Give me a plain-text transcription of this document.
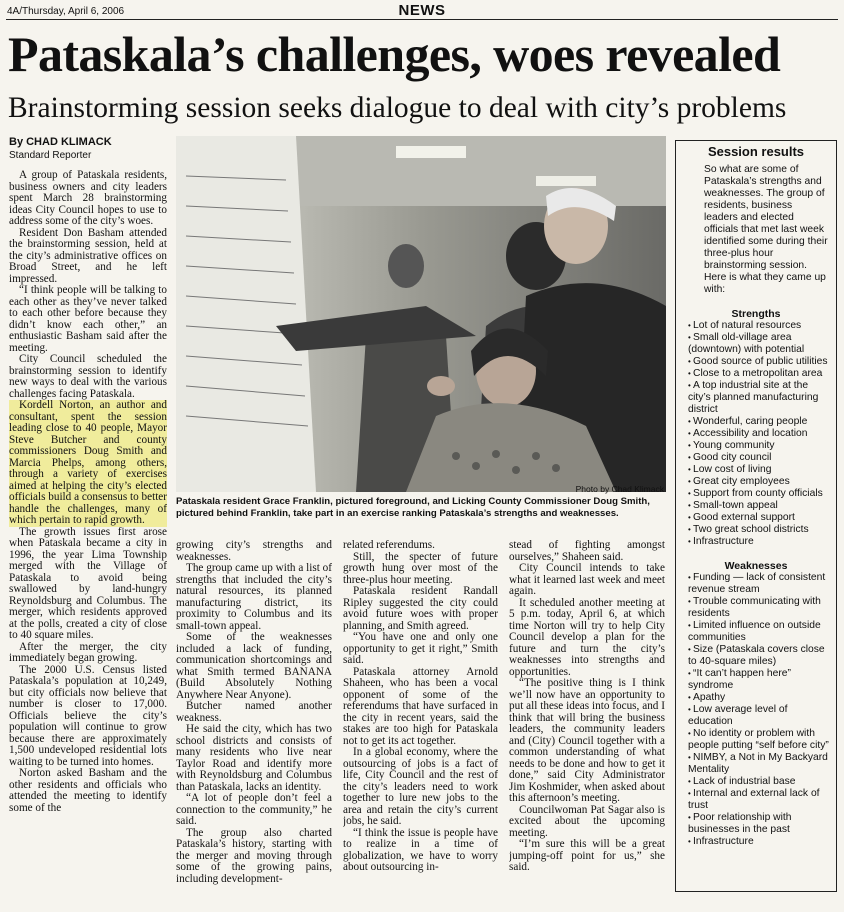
4A/Thursday, April 6, 2006	NEWS
Pataskala’s challenges, woes revealed
Brainstorming session seeks dialogue to deal with city’s problems
By CHAD KLIMACK
Standard Reporter

A group of Pataskala residents, business owners and city leaders spent March 28 brainstorming ideas City Council hopes to use to address some of the city’s woes.

Resident Don Basham attended the brainstorming session, held at the city’s administrative offices on Broad Street, and he left impressed.

“I think people will be talking to each other as they’ve never talked to each other before because they didn’t know each other,” an enthusiastic Basham said after the meeting.

City Council scheduled the brainstorming session to identify new ways to deal with the various challenges facing Pataskala.

Kordell Norton, an author and consultant, spent the session leading close to 40 people, Mayor Steve Butcher and county commissioners Doug Smith and Marcia Phelps, among others, through a variety of exercises aimed at helping the city’s elected officials build a consensus to better handle the challenges, many of which pertain to rapid growth.

The growth issues first arose when Pataskala became a city in 1996, the year Lima Township merged with the Village of Pataskala to avoid being swallowed by land-hungry Reynoldsburg and Columbus. The merger, which residents approved at the polls, created a city of close to 40 square miles.

After the merger, the city immediately began growing.

The 2000 U.S. Census listed Pataskala’s population at 10,249, but city officials now believe that number is closer to 17,000. Officials believe the city’s population will continue to grow because there are approximately 1,500 undeveloped residential lots waiting to be turned into homes.

Norton asked Basham and the other residents and officials who attended the meeting to identify some of the

Photo by Chad Klimack
Pataskala resident Grace Franklin, pictured foreground, and Licking County Commissioner Doug Smith, pictured behind Franklin, take part in an exercise ranking Pataskala’s strengths and weaknesses.

growing city’s strengths and weaknesses.

The group came up with a list of strengths that included the city’s natural resources, its planned manufacturing district, its proximity to Columbus and its small-town appeal.

Some of the weaknesses included a lack of funding, communication shortcomings and what Smith termed BANANA (Build Absolutely Nothing Anywhere Near Anyone).

Butcher named another weakness.

He said the city, which has two school districts and consists of many residents who live near Taylor Road and identify more with Reynoldsburg and Columbus than Pataskala, lacks an identity.

“A lot of people don’t feel a connection to the community,” he said.

The group also charted Pataskala’s history, starting with the merger and moving through some of the growing pains, including development-

related referendums.

Still, the specter of future growth hung over most of the three-plus hour meeting.

Pataskala resident Randall Ripley suggested the city could avoid future woes with proper planning, and Smith agreed.

“You have one and only one opportunity to get it right,” Smith said.

Pataskala attorney Arnold Shaheen, who has been a vocal opponent of some of the referendums that have surfaced in the city in recent years, said the stakes are too high for Pataskala not to get its act together.

In a global economy, where the outsourcing of jobs is a fact of life, City Council and the rest of the city’s leaders need to work together to lure new jobs to the area and retain the city’s current jobs, he said.

“I think the issue is people have to realize in a time of globalization, we have to worry about outsourcing in-

stead of fighting amongst ourselves,” Shaheen said.

City Council intends to take what it learned last week and meet again.

It scheduled another meeting at 5 p.m. today, April 6, at which time Norton will try to help City Council develop a plan for the future and turn the city’s weaknesses into strengths and opportunities.

“The positive thing is I think we’ll now have an opportunity to put all these ideas into focus, and I think that will bring the business leaders, the community leaders and (City) Council together with a common understanding of what needs to be done and how to get it done,” said City Administrator Jim Koshmider, when asked about this afternoon’s meeting.

Councilwoman Pat Sagar also is excited about the upcoming meeting.

“I’m sure this will be a great jumping-off point for us,” she said.

Session results
So what are some of Pataskala’s strengths and weaknesses. The group of residents, business leaders and elected officials that met last week identified some during their three-plus hour brainstorming session. Here is what they came up with:
Strengths
• Lot of natural resources
• Small old-village area (downtown) with potential
• Good source of public utilities
• Close to a metropolitan area
• A top industrial site at the city’s planned manufacturing district
• Wonderful, caring people
• Accessibility and location
• Young community
• Good city council
• Low cost of living
• Great city employees
• Support from county officials
• Small-town appeal
• Good external support
• Two great school districts
• Infrastructure
Weaknesses
• Funding — lack of consistent revenue stream
• Trouble communicating with residents
• Limited influence on outside communities
• Size (Pataskala covers close to 40-square miles)
• “It can’t happen here” syndrome
• Apathy
• Low average level of education
• No identity or problem with people putting “self before city”
• NIMBY, a Not in My Backyard Mentality
• Lack of industrial base
• Internal and external lack of trust
• Poor relationship with businesses in the past
• Infrastructure
